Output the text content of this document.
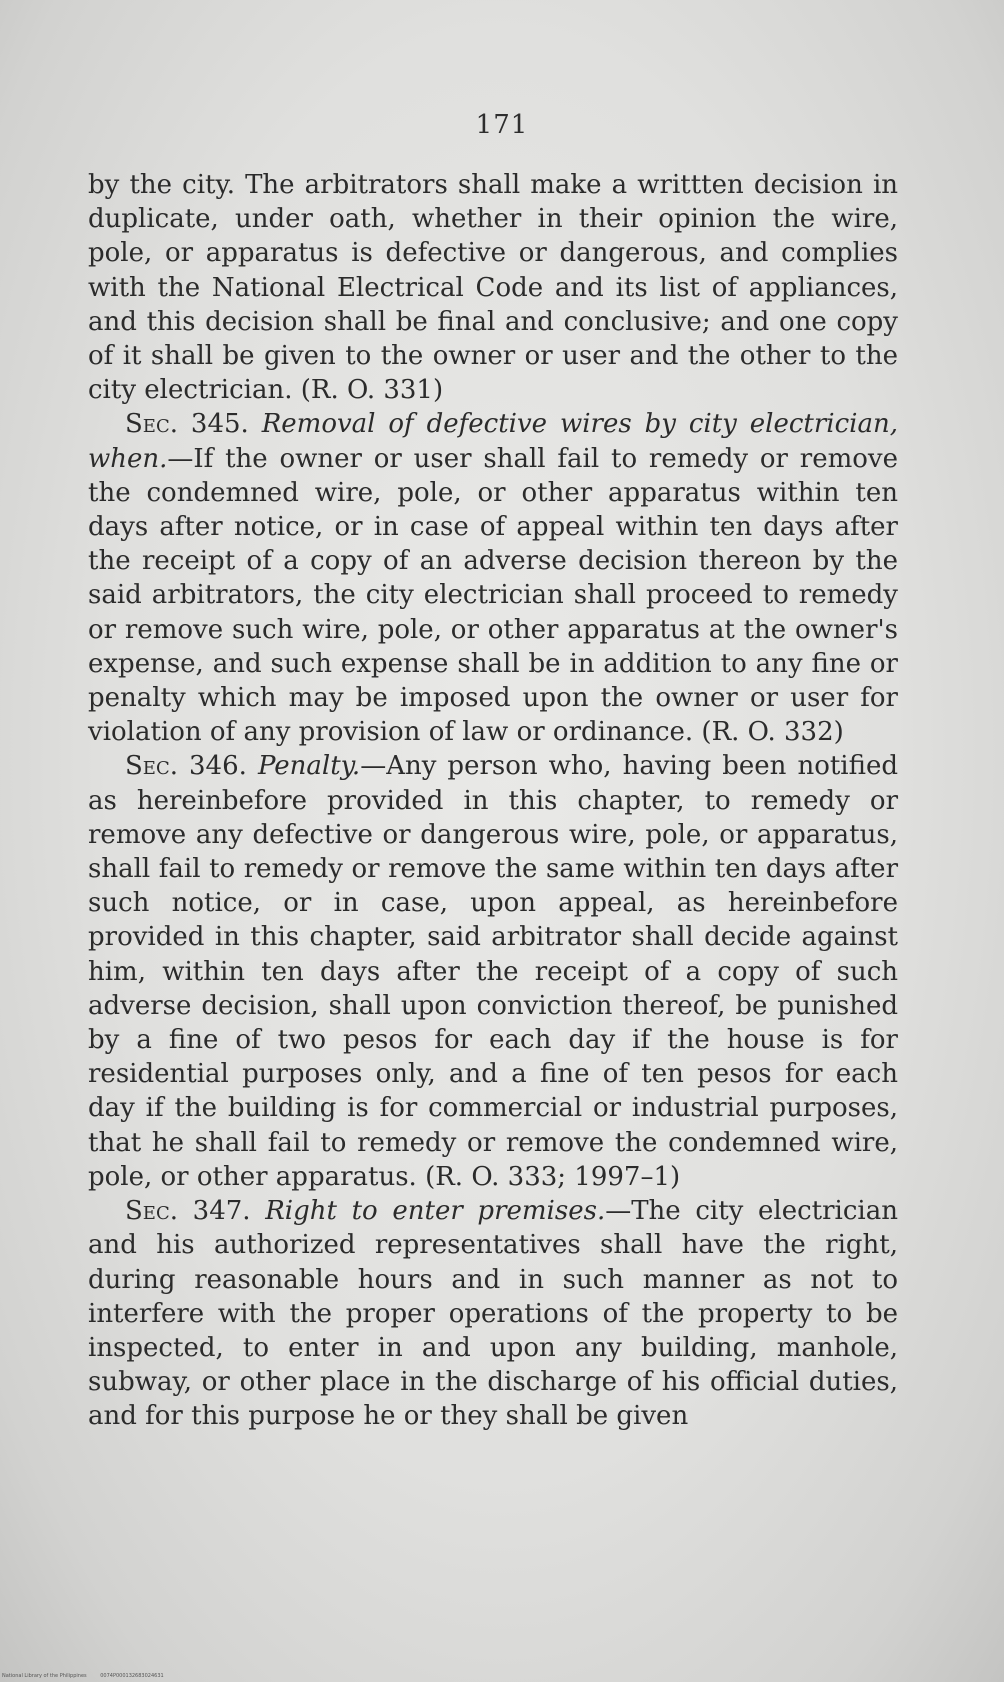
171

by the city. The arbitrators shall make a writtten decision in duplicate, under oath, whether in their opinion the wire, pole, or apparatus is defective or dangerous, and complies with the National Electrical Code and its list of appliances, and this decision shall be final and conclusive; and one copy of it shall be given to the owner or user and the other to the city electrician. (R. O. 331)

Sec. 345. Removal of defective wires by city electrician, when.—If the owner or user shall fail to remedy or remove the condemned wire, pole, or other apparatus within ten days after notice, or in case of appeal within ten days after the receipt of a copy of an adverse decision thereon by the said arbitrators, the city electrician shall proceed to remedy or remove such wire, pole, or other apparatus at the owner's expense, and such expense shall be in addition to any fine or penalty which may be imposed upon the owner or user for violation of any provision of law or ordinance. (R. O. 332)

Sec. 346. Penalty.—Any person who, having been notified as hereinbefore provided in this chapter, to remedy or remove any defective or dangerous wire, pole, or apparatus, shall fail to remedy or remove the same within ten days after such notice, or in case, upon appeal, as hereinbefore provided in this chapter, said arbitrator shall decide against him, within ten days after the receipt of a copy of such adverse decision, shall upon conviction thereof, be punished by a fine of two pesos for each day if the house is for residential purposes only, and a fine of ten pesos for each day if the building is for commercial or industrial purposes, that he shall fail to remedy or remove the condemned wire, pole, or other apparatus. (R. O. 333; 1997–1)

Sec. 347. Right to enter premises.—The city electrician and his authorized representatives shall have the right, during reasonable hours and in such manner as not to interfere with the proper operations of the property to be inspected, to enter in and upon any building, manhole, subway, or other place in the discharge of his official duties, and for this purpose he or they shall be given

National Library of the Philippines	0074P000132683024631
